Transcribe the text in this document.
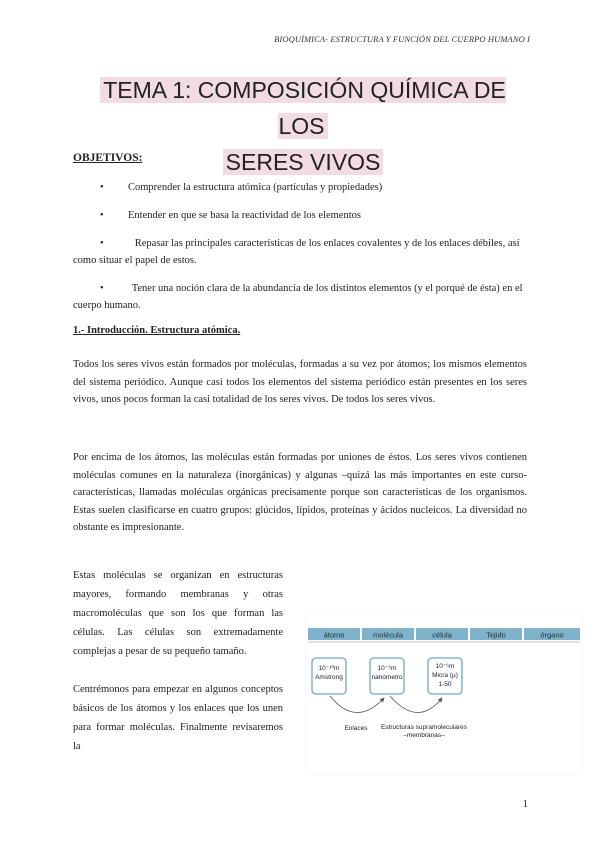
BIOQUÍMICA- ESTRUCTURA Y FUNCIÓN DEL CUERPO HUMANO I
TEMA 1: COMPOSICIÓN QUÍMICA DE LOS
SERES VIVOS
OBJETIVOS:
•	Comprender la estructura atómica (partículas y propiedades)
•	Entender en que se basa la reactividad de los elementos
•	Repasar las principales características de los enlaces covalentes y de los enlaces débiles, así como situar el papel de estos.
•	Tener una noción clara de la abundancia de los distintos elementos (y el porqué de ésta) en el cuerpo humano.
1.- Introducción. Estructura atómica.
Todos los seres vivos están formados por moléculas, formadas a su vez por átomos; los mismos elementos del sistema periódico. Aunque casi todos los elementos del sistema periódico están presentes en los seres vivos, unos pocos forman la casi totalidad de los seres vivos. De todos los seres vivos.
Por encima de los átomos, las moléculas están formadas por uniones de éstos. Los seres vivos contienen moléculas comunes en la naturaleza (inorgánicas) y algunas –quizá las más importantes en este curso- características, llamadas moléculas orgánicas precisamente porque son características de los organismos. Estas suelen clasificarse en cuatro grupos: glúcidos, lípidos, proteínas y ácidos nucleicos. La diversidad no obstante es impresionante.
Estas moléculas se organizan en estructuras mayores, formando membranas y otras macromoléculas que son los que forman las células. Las células son extremadamente complejas a pesar de su pequeño tamaño.
Centrémonos para empezar en algunos conceptos básicos de los átomos y los enlaces que los unen para formar moléculas. Finalmente revisaremos la
átomo	molécula	célula	Tejido	órgano
10⁻¹⁰m
Amstrong
10⁻⁹m
nanómetro
10⁻⁶m
Micra (µ)
1-50
Enlaces Estructuras supramoleculares
–membranas–
1
